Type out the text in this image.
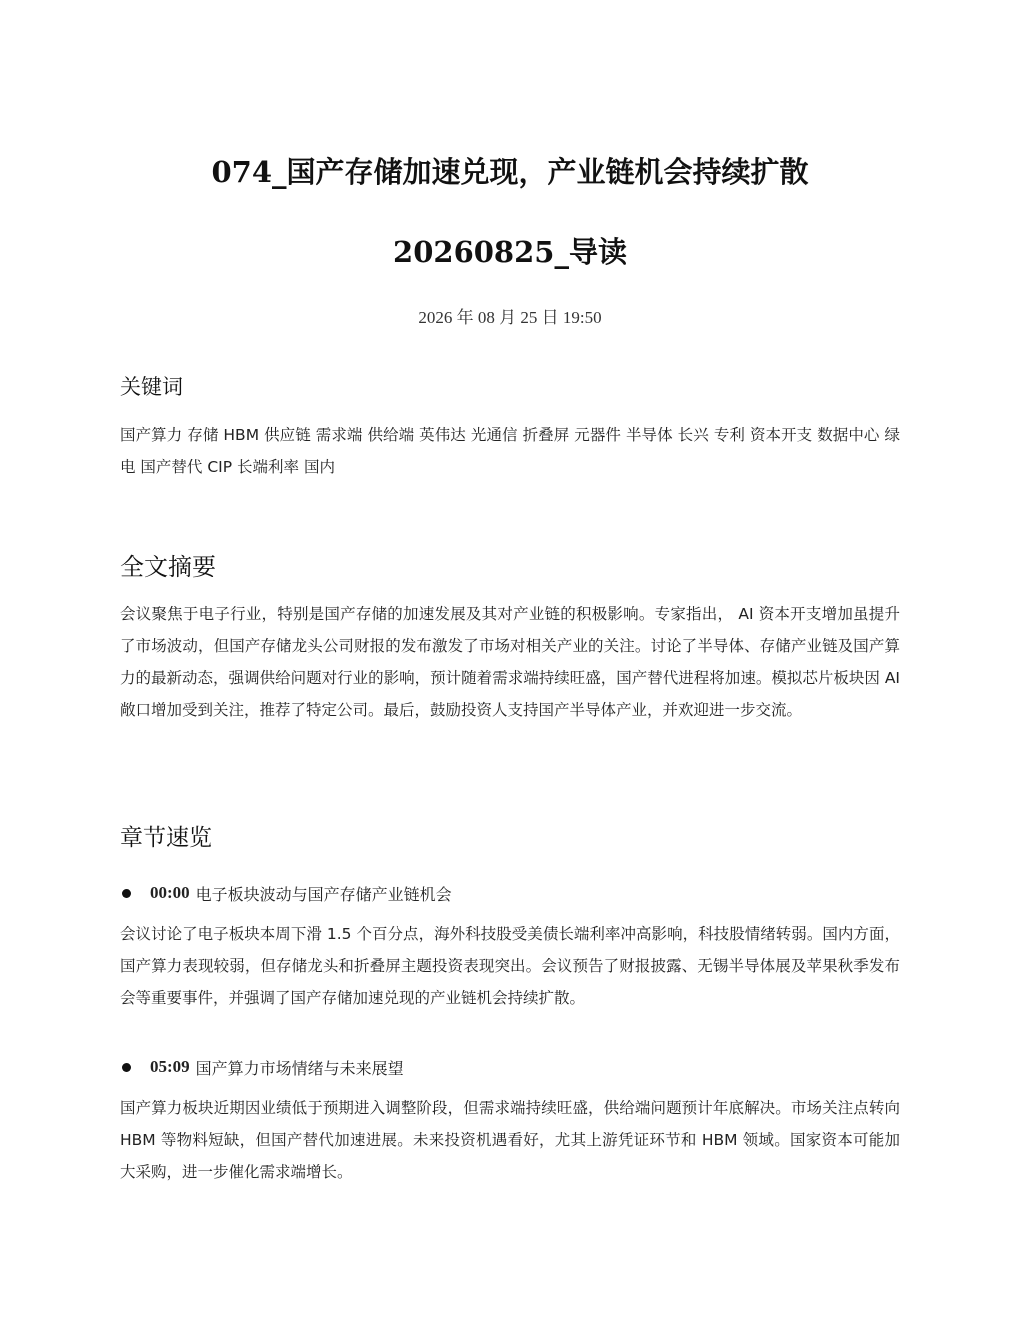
074_国产存储加速兑现，产业链机会持续扩散 20260825_导读
2026 年 08 月 25 日 19:50
关键词

国产算力 存储 HBM 供应链 需求端 供给端 英伟达 光通信 折叠屏 元器件 半导体 长兴 专利 资本开支 数据中心 绿电 国产替代 CIP 长端利率 国内

全文摘要

会议聚焦于电子行业，特别是国产存储的加速发展及其对产业链的积极影响。专家指出， AI 资本开支增加虽提升了市场波动，但国产存储龙头公司财报的发布激发了市场对相关产业的关注。讨论了半导体、存储产业链及国产算力的最新动态，强调供给问题对行业的影响，预计随着需求端持续旺盛，国产替代进程将加速。模拟芯片板块因 AI 敞口增加受到关注，推荐了特定公司。最后，鼓励投资人支持国产半导体产业，并欢迎进一步交流。

章节速览
00:00 电子板块波动与国产存储产业链机会

会议讨论了电子板块本周下滑 1.5 个百分点，海外科技股受美债长端利率冲高影响，科技股情绪转弱。国内方面，国产算力表现较弱，但存储龙头和折叠屏主题投资表现突出。会议预告了财报披露、无锡半导体展及苹果秋季发布会等重要事件，并强调了国产存储加速兑现的产业链机会持续扩散。

05:09 国产算力市场情绪与未来展望

国产算力板块近期因业绩低于预期进入调整阶段，但需求端持续旺盛，供给端问题预计年底解决。市场关注点转向 HBM 等物料短缺，但国产替代加速进展。未来投资机遇看好，尤其上游凭证环节和 HBM 领域。国家资本可能加大采购，进一步催化需求端增长。
